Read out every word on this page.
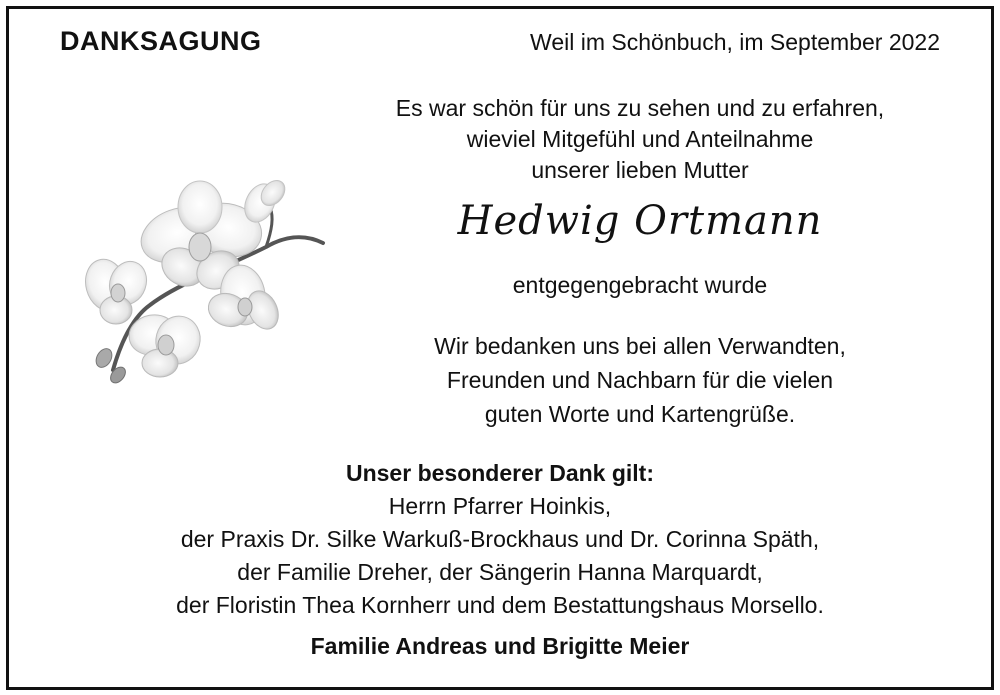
DANKSAGUNG	Weil im Schönbuch, im September 2022
Es war schön für uns zu sehen und zu erfahren,
wieviel Mitgefühl und Anteilnahme
unserer lieben Mutter
Hedwig Ortmann
entgegengebracht wurde
Wir bedanken uns bei allen Verwandten,
Freunden und Nachbarn für die vielen
guten Worte und Kartengrüße.
Unser besonderer Dank gilt:
Herrn Pfarrer Hoinkis,
der Praxis Dr. Silke Warkuß-Brockhaus und Dr. Corinna Späth,
der Familie Dreher, der Sängerin Hanna Marquardt,
der Floristin Thea Kornherr und dem Bestattungshaus Morsello.
Familie Andreas und Brigitte Meier
